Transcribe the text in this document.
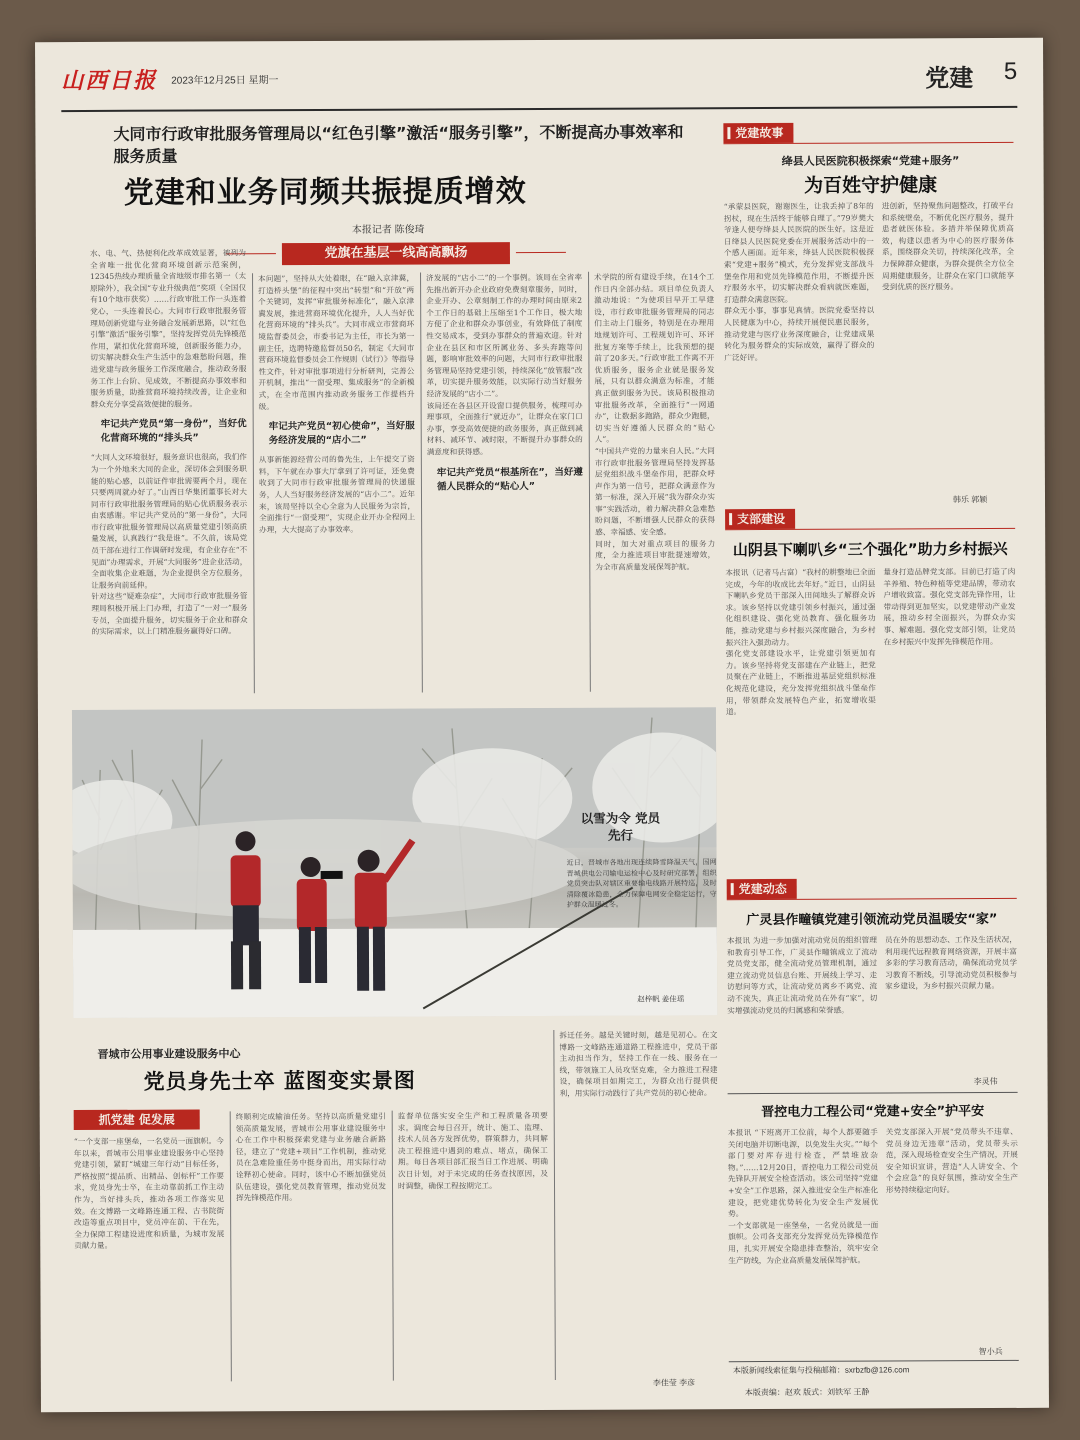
山西日报 2023年12月25日 星期一	党建 5
大同市行政审批服务管理局以“红色引擎”激活“服务引擎”，不断提高办事效率和服务质量
党建和业务同频共振提质增效
本报记者 陈俊琦
党旗在基层一线高高飘扬

水、电、气、热便利化改革成效显著，被列为全省唯一批优化营商环境创新示范案例，12345热线办理质量全省地级市排名第一（太原除外），我全国“专业升级典范”奖项（全国仅有10个地市获奖）……行政审批工作一头连着党心，一头连着民心。大同市行政审批服务管理局创新党建与业务融合发展新思路，以“红色引擎”激活“服务引擎”，坚持发挥党员先锋模范作用，紧扣优化营商环境，创新服务能力办，切实解决群众生产生活中的急难愁盼问题，推进党建与政务服务工作深度融合，推动政务服务工作上台阶、见成效，不断提高办事效率和服务质量，助推营商环境持续改善，让企业和群众充分享受高效便捷的服务。

牢记共产党员“第一身份”，当好优化营商环境的“排头兵”

“大同人文环境很好，服务意识也很高，我们作为一个外地来大同的企业，深切体会到服务职能的贴心感，以前证件审批需要两个月，现在只要两周就办好了。”山西日华集团董事长对大同市行政审批服务管理局的贴心优质服务表示由衷感谢。牢记共产党员的“第一身份”，大同市行政审批服务管理局以高质量党建引领高质量发展，认真践行“我是谁”。不久前，该局党员干部在进行工作调研时发现，有企业存在“不见面”办理需求，开展“大同服务”进企业活动，全面收集企业难题，为企业提供全方位服务，让服务向前延伸。

针对这些“疑难杂症”，大同市行政审批服务管理局积极开展上门办理，打造了“一对一”服务专员，全面提升服务，切实服务于企业和群众的实际需求，以上门精准服务赢得好口碑。

本问题”，坚持从大处着眼，在“融入京津冀，打造桥头堡”的征程中突出“转型”和“开放”两个关键词，发挥“审批服务标准化”，融入京津冀发展，推进营商环境优化提升，人人当好优化营商环境的“排头兵”。大同市成立市营商环境监督委员会，市委书记为主任，市长为第一副主任，选聘特邀监督员50名，制定《大同市营商环境监督委员会工作规则（试行）》等指导性文件，针对审批事项进行分析研判，完善公开机制，推出“一窗受理、集成服务”的全新模式，在全市范围内推动政务服务工作提档升级。

牢记共产党员“初心使命”，当好服务经济发展的“店小二”

从事新能源经营公司的鲁先生，上午提交了资料，下午就在办事大厅拿到了许可证，还免费收到了大同市行政审批服务管理局的快递服务，人人当好服务经济发展的“店小二”。近年来，该局坚持以全心全意为人民服务为宗旨，全面推行“一窗受理”，实现企业开办全程网上办理，大大提高了办事效率。

济发展的“店小二”的一个事例。该局在全省率先推出新开办企业政府免费刻章服务，同时，企业开办、公章刻制工作的办理时间由原来2个工作日的基础上压缩至1个工作日，极大地方便了企业和群众办事创业，有效降低了制度性交易成本，受到办事群众的普遍欢迎。针对企业在县区和市区所属业务、多头奔跑等问题，影响审批效率的问题，大同市行政审批服务管理局坚持党建引领，持续深化“放管服”改革，切实提升服务效能，以实际行动当好服务经济发展的“店小二”。

该局还在各县区开设窗口提供服务，梳理可办理事项，全面推行“就近办”，让群众在家门口办事，享受高效便捷的政务服务，真正做到减材料、减环节、减时限，不断提升办事群众的满意度和获得感。

牢记共产党员“根基所在”，当好遵循人民群众的“贴心人”

术学院的所有建设手续，在14个工作日内全部办结。项目单位负责人激动地说：“为使项目早开工早建设，市行政审批服务管理局的同志们主动上门服务，特别是在办理用地规划许可、工程规划许可、环评批复方案等手续上，比我预想的提前了20多天。”行政审批工作离不开优质服务，服务企业就是服务发展，只有以群众满意为标准，才能真正做到服务为民。该局积极推动审批服务改革，全面推行“一网通办”，让数据多跑路，群众少跑腿，切实当好遵循人民群众的“贴心人”。

“中国共产党的力量来自人民。”大同市行政审批服务管理局坚持发挥基层党组织战斗堡垒作用，把群众呼声作为第一信号，把群众满意作为第一标准，深入开展“我为群众办实事”实践活动，着力解决群众急难愁盼问题，不断增强人民群众的获得感、幸福感、安全感。

同时，加大对重点项目的服务力度，全力推进项目审批提速增效，为全市高质量发展保驾护航。

党建故事
绛县人民医院积极探索“党建+服务”
为百姓守护健康

“承蒙县医院，谢谢医生，让我丢掉了8年的拐杖，现在生活终于能够自理了。”79岁樊大爷逢人便夸绛县人民医院的医生好。这是近日绛县人民医院党委在开展服务活动中的一个感人画面。近年来，绛县人民医院积极探索“党建+服务”模式，充分发挥党支部战斗堡垒作用和党员先锋模范作用，不断提升医疗服务水平，切实解决群众看病就医难题，打造群众满意医院。

群众无小事，事事见真情。医院党委坚持以人民健康为中心，持续开展便民惠民服务，推动党建与医疗业务深度融合，让党建成果转化为服务群众的实际成效，赢得了群众的广泛好评。

进创新，坚持聚焦问题整改，打破平台和系统壁垒，不断优化医疗服务，提升患者就医体验。多措并举保障优质高效，构建以患者为中心的医疗服务体系，围绕群众关切，持续深化改革，全力保障群众健康，为群众提供全方位全周期健康服务，让群众在家门口就能享受到优质的医疗服务。

韩乐 郭颖
支部建设
山阴县下喇叭乡“三个强化”助力乡村振兴

本报讯（记者马占富）“我村的耕整地已全面完成，今年的收成比去年好。”近日，山阴县下喇叭乡党员干部深入田间地头了解群众诉求。该乡坚持以党建引领乡村振兴，通过强化组织建设、强化党员教育、强化服务功能，推动党建与乡村振兴深度融合，为乡村振兴注入强劲动力。

强化党支部建设水平，让党建引领更加有力。该乡坚持将党支部建在产业链上，把党员聚在产业链上，不断推进基层党组织标准化规范化建设，充分发挥党组织战斗堡垒作用，带领群众发展特色产业，拓宽增收渠道。

量身打造品牌党支部。目前已打造了肉羊养殖、特色种植等党建品牌，带动农户增收致富。强化党支部先锋作用，让带动得到更加坚实，以党建带动产业发展，推动乡村全面振兴，为群众办实事、解难题。强化党支部引领，让党员在乡村振兴中发挥先锋模范作用。

党建动态
广灵县作疃镇党建引领流动党员温暖安“家”

本报讯 为进一步加强对流动党员的组织管理和教育引导工作，广灵县作疃镇成立了流动党员党支部，健全流动党员管理机制，通过建立流动党员信息台账、开展线上学习、走访慰问等方式，让流动党员离乡不离党、流动不流失，真正让流动党员在外有“家”，切实增强流动党员的归属感和荣誉感。

员在外的思想动态、工作及生活状况，利用现代远程教育网络资源，开展丰富多彩的学习教育活动，确保流动党员学习教育不断线，引导流动党员积极参与家乡建设，为乡村振兴贡献力量。

李灵伟
晋控电力工程公司“党建+安全”护平安

本报讯 “下班离开工位前，每个人都要随手关闭电脑并切断电源，以免发生火灾。”“每个部门要对库存进行检查，严禁堆放杂物。”……12月20日，晋控电力工程公司党员先锋队开展安全检查活动。该公司坚持“党建+安全”工作思路，深入推进安全生产标准化建设，把党建优势转化为安全生产发展优势。

一个支部就是一座堡垒，一名党员就是一面旗帜。公司各支部充分发挥党员先锋模范作用，扎实开展安全隐患排查整治，筑牢安全生产防线，为企业高质量发展保驾护航。

关党支部深入开展“党员带头不违章、党员身边无违章”活动，党员带头示范，深入现场检查安全生产情况，开展安全知识宣讲，营造“人人讲安全、个个会应急”的良好氛围，推动安全生产形势持续稳定向好。

智小兵
以雪为令 党员先行
近日，晋城市各地出现连续降雪降温天气，国网晋城供电公司输电运检中心及时研究部署，组织党员突击队对辖区重要输电线路开展特巡，及时清除覆冰隐患，全力保障电网安全稳定运行，守护群众温暖过冬。
赵梓帆 姜佳瑶
晋城市公用事业建设服务中心
党员身先士卒 蓝图变实景图
抓党建 促发展

“一个支部一座堡垒，一名党员一面旗帜。今年以来，晋城市公用事业建设服务中心坚持党建引领，紧盯“城建三年行动”目标任务，严格按照“提品质、出精品、创标杆”工作要求，党员身先士卒，在主动靠前抓工作主动作为，当好排头兵，推动各项工作落实见效。在文博路一文峰路连通工程、古书院街改造等重点项目中，党员冲在前、干在先，全力保障工程建设进度和质量，为城市发展贡献力量。

终顺利完成输油任务。坚持以高质量党建引领高质量发展，晋城市公用事业建设服务中心在工作中积极探索党建与业务融合新路径，建立了“党建+项目”工作机制，推动党员在急难险重任务中挺身而出，用实际行动诠释初心使命。同时，该中心不断加强党员队伍建设，强化党员教育管理，推动党员发挥先锋模范作用。

监督单位落实安全生产和工程质量各项要求。调度会每日召开，统计、施工、监理、技术人员各方发挥优势，群策群力，共同解决工程推进中遇到的难点、堵点，确保工期。每日各项目部汇报当日工作进展、明确次日计划，对于未完成的任务查找原因，及时调整，确保工程按期完工。

拆迁任务。越是关键时刻，越是见初心。在文博路一文峰路连通道路工程推进中，党员干部主动担当作为，坚持工作在一线、服务在一线，带领施工人员攻坚克难，全力推进工程建设，确保项目如期完工，为群众出行提供便利，用实际行动践行了共产党员的初心使命。

李佳莹 李彦
本版新闻线索征集与投稿邮箱：sxrbzfb@126.com
本版责编：赵欢 版式：刘铁军 王静
